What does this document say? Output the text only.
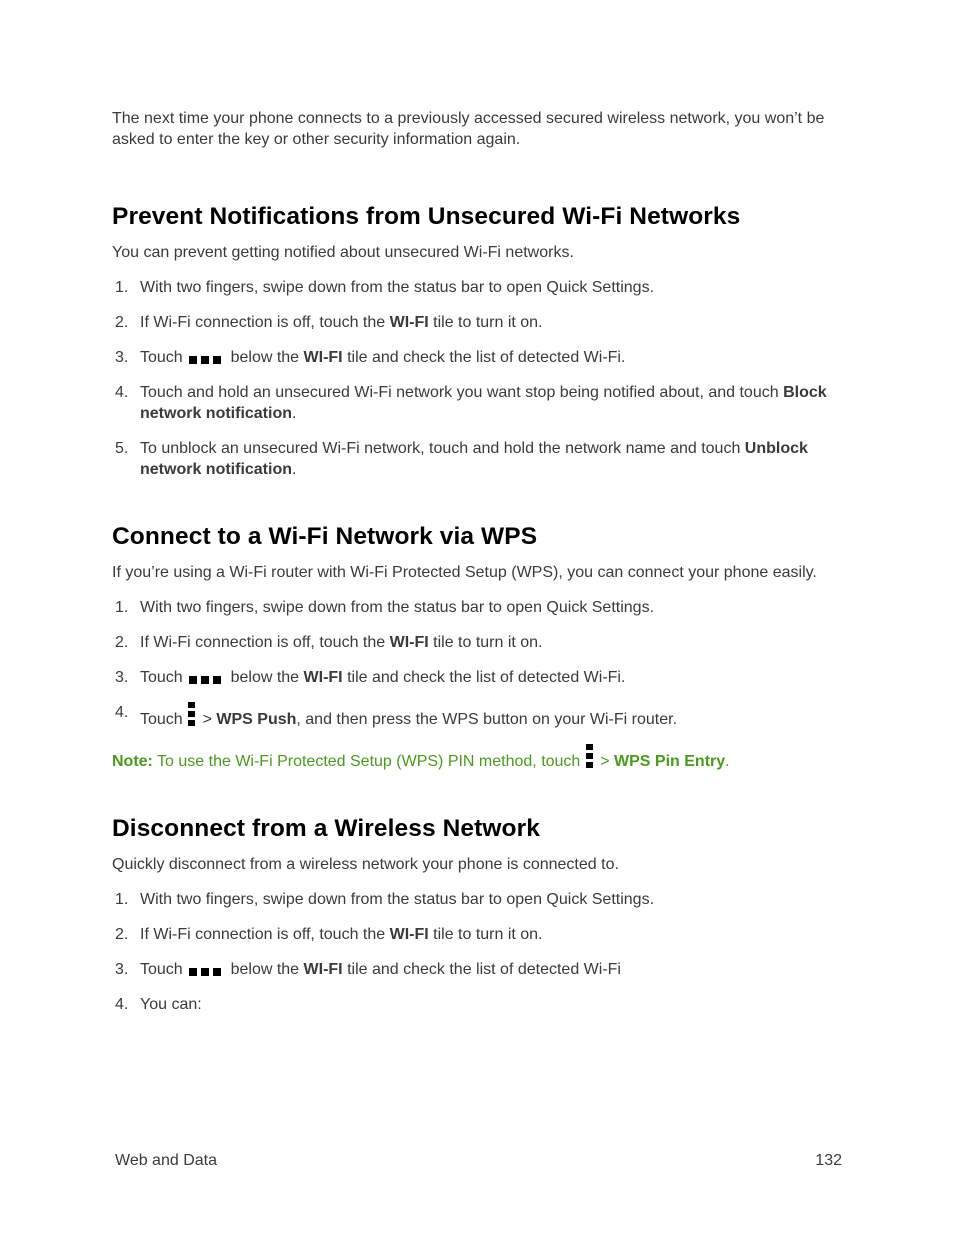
The next time your phone connects to a previously accessed secured wireless network, you won’t be asked to enter the key or other security information again.

Prevent Notifications from Unsecured Wi-Fi Networks

You can prevent getting notified about unsecured Wi-Fi networks.

1. With two fingers, swipe down from the status bar to open Quick Settings.
2. If Wi-Fi connection is off, touch the WI-FI tile to turn it on.
3. Touch
below the WI-FI tile and check the list of detected Wi-Fi.
4. Touch and hold an unsecured Wi‑Fi network you want stop being notified about, and touch Block network notification.
5. To unblock an unsecured Wi‑Fi network, touch and hold the network name and touch Unblock network notification.
Connect to a Wi‑Fi Network via WPS

If you’re using a Wi-Fi router with Wi-Fi Protected Setup (WPS), you can connect your phone easily.

1. With two fingers, swipe down from the status bar to open Quick Settings.
2. If Wi-Fi connection is off, touch the WI-FI tile to turn it on.
3. Touch
below the WI-FI tile and check the list of detected Wi-Fi.
4. Touch
> WPS Push, and then press the WPS button on your Wi-Fi router.

Note: To use the Wi-Fi Protected Setup (WPS) PIN method, touch
> WPS Pin Entry.

Disconnect from a Wireless Network

Quickly disconnect from a wireless network your phone is connected to.

1. With two fingers, swipe down from the status bar to open Quick Settings.
2. If Wi-Fi connection is off, touch the WI-FI tile to turn it on.
3. Touch
below the WI-FI tile and check the list of detected Wi-Fi
4. You can:
Web and Data	132
